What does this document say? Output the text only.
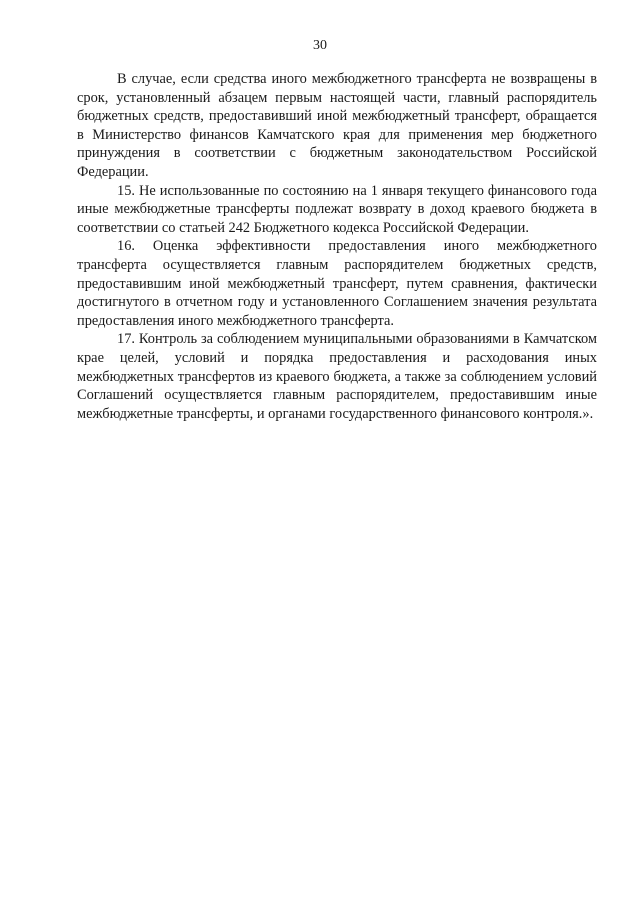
30

В случае, если средства иного межбюджетного трансферта не возвращены в срок, установленный абзацем первым настоящей части, главный распорядитель бюджетных средств, предоставивший иной межбюджетный трансферт, обращается в Министерство финансов Камчатского края для применения мер бюджетного принуждения в соответствии с бюджетным законодательством Российской Федерации.

15. Не использованные по состоянию на 1 января текущего финансового года иные межбюджетные трансферты подлежат возврату в доход краевого бюджета в соответствии со статьей 242 Бюджетного кодекса Российской Федерации.

16. Оценка эффективности предоставления иного межбюджетного трансферта осуществляется главным распорядителем бюджетных средств, предоставившим иной межбюджетный трансферт, путем сравнения, фактически достигнутого в отчетном году и установленного Соглашением значения результата предоставления иного межбюджетного трансферта.

17. Контроль за соблюдением муниципальными образованиями в Камчатском крае целей, условий и порядка предоставления и расходования иных межбюджетных трансфертов из краевого бюджета, а также за соблюдением условий Соглашений осуществляется главным распорядителем, предоставившим иные межбюджетные трансферты, и органами государственного финансового контроля.».
